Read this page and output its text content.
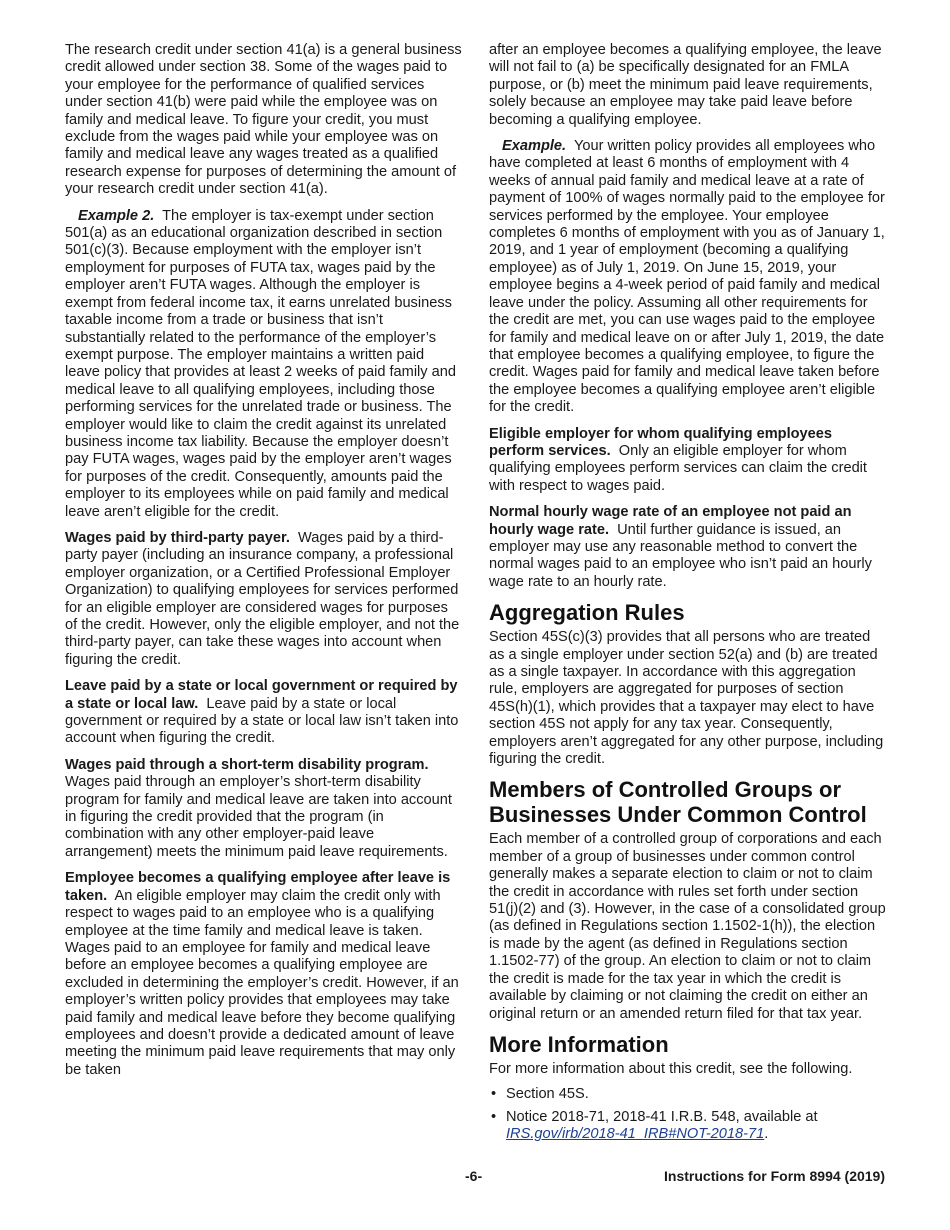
The research credit under section 41(a) is a general business credit allowed under section 38. Some of the wages paid to your employee for the performance of qualified services under section 41(b) were paid while the employee was on family and medical leave. To figure your credit, you must exclude from the wages paid while your employee was on family and medical leave any wages treated as a qualified research expense for purposes of determining the amount of your research credit under section 41(a).

Example 2. The employer is tax-exempt under section 501(a) as an educational organization described in section 501(c)(3). Because employment with the employer isn’t employment for purposes of FUTA tax, wages paid by the employer aren’t FUTA wages. Although the employer is exempt from federal income tax, it earns unrelated business taxable income from a trade or business that isn’t substantially related to the performance of the employer’s exempt purpose. The employer maintains a written paid leave policy that provides at least 2 weeks of paid family and medical leave to all qualifying employees, including those performing services for the unrelated trade or business. The employer would like to claim the credit against its unrelated business income tax liability. Because the employer doesn’t pay FUTA wages, wages paid by the employer aren’t wages for purposes of the credit. Consequently, amounts paid the employer to its employees while on paid family and medical leave aren’t eligible for the credit.

Wages paid by third-party payer. Wages paid by a third-party payer (including an insurance company, a professional employer organization, or a Certified Professional Employer Organization) to qualifying employees for services performed for an eligible employer are considered wages for purposes of the credit. However, only the eligible employer, and not the third-party payer, can take these wages into account when figuring the credit.

Leave paid by a state or local government or required by a state or local law. Leave paid by a state or local government or required by a state or local law isn’t taken into account when figuring the credit.

Wages paid through a short-term disability program. Wages paid through an employer’s short-term disability program for family and medical leave are taken into account in figuring the credit provided that the program (in combination with any other employer-paid leave arrangement) meets the minimum paid leave requirements.

Employee becomes a qualifying employee after leave is taken. An eligible employer may claim the credit only with respect to wages paid to an employee who is a qualifying employee at the time family and medical leave is taken. Wages paid to an employee for family and medical leave before an employee becomes a qualifying employee are excluded in determining the employer’s credit. However, if an employer’s written policy provides that employees may take paid family and medical leave before they become qualifying employees and doesn’t provide a dedicated amount of leave meeting the minimum paid leave requirements that may only be taken

after an employee becomes a qualifying employee, the leave will not fail to (a) be specifically designated for an FMLA purpose, or (b) meet the minimum paid leave requirements, solely because an employee may take paid leave before becoming a qualifying employee.

Example. Your written policy provides all employees who have completed at least 6 months of employment with 4 weeks of annual paid family and medical leave at a rate of payment of 100% of wages normally paid to the employee for services performed by the employee. Your employee completes 6 months of employment with you as of January 1, 2019, and 1 year of employment (becoming a qualifying employee) as of July 1, 2019. On June 15, 2019, your employee begins a 4-week period of paid family and medical leave under the policy. Assuming all other requirements for the credit are met, you can use wages paid to the employee for family and medical leave on or after July 1, 2019, the date that employee becomes a qualifying employee, to figure the credit. Wages paid for family and medical leave taken before the employee becomes a qualifying employee aren’t eligible for the credit.

Eligible employer for whom qualifying employees perform services. Only an eligible employer for whom qualifying employees perform services can claim the credit with respect to wages paid.

Normal hourly wage rate of an employee not paid an hourly wage rate. Until further guidance is issued, an employer may use any reasonable method to convert the normal wages paid to an employee who isn’t paid an hourly wage rate to an hourly rate.

Aggregation Rules

Section 45S(c)(3) provides that all persons who are treated as a single employer under section 52(a) and (b) are treated as a single taxpayer. In accordance with this aggregation rule, employers are aggregated for purposes of section 45S(h)(1), which provides that a taxpayer may elect to have section 45S not apply for any tax year. Consequently, employers aren’t aggregated for any other purpose, including figuring the credit.

Members of Controlled Groups or Businesses Under Common Control

Each member of a controlled group of corporations and each member of a group of businesses under common control generally makes a separate election to claim or not to claim the credit in accordance with rules set forth under section 51(j)(2) and (3). However, in the case of a consolidated group (as defined in Regulations section 1.1502-1(h)), the election is made by the agent (as defined in Regulations section 1.1502-77) of the group. An election to claim or not to claim the credit is made for the tax year in which the credit is available by claiming or not claiming the credit on either an original return or an amended return filed for that tax year.

More Information

For more information about this credit, see the following.

• Section 45S.
• Notice 2018-71, 2018-41 I.R.B. 548, available at
IRS.gov/irb/2018-41_IRB#NOT-2018-71.
-6-	Instructions for Form 8994 (2019)
